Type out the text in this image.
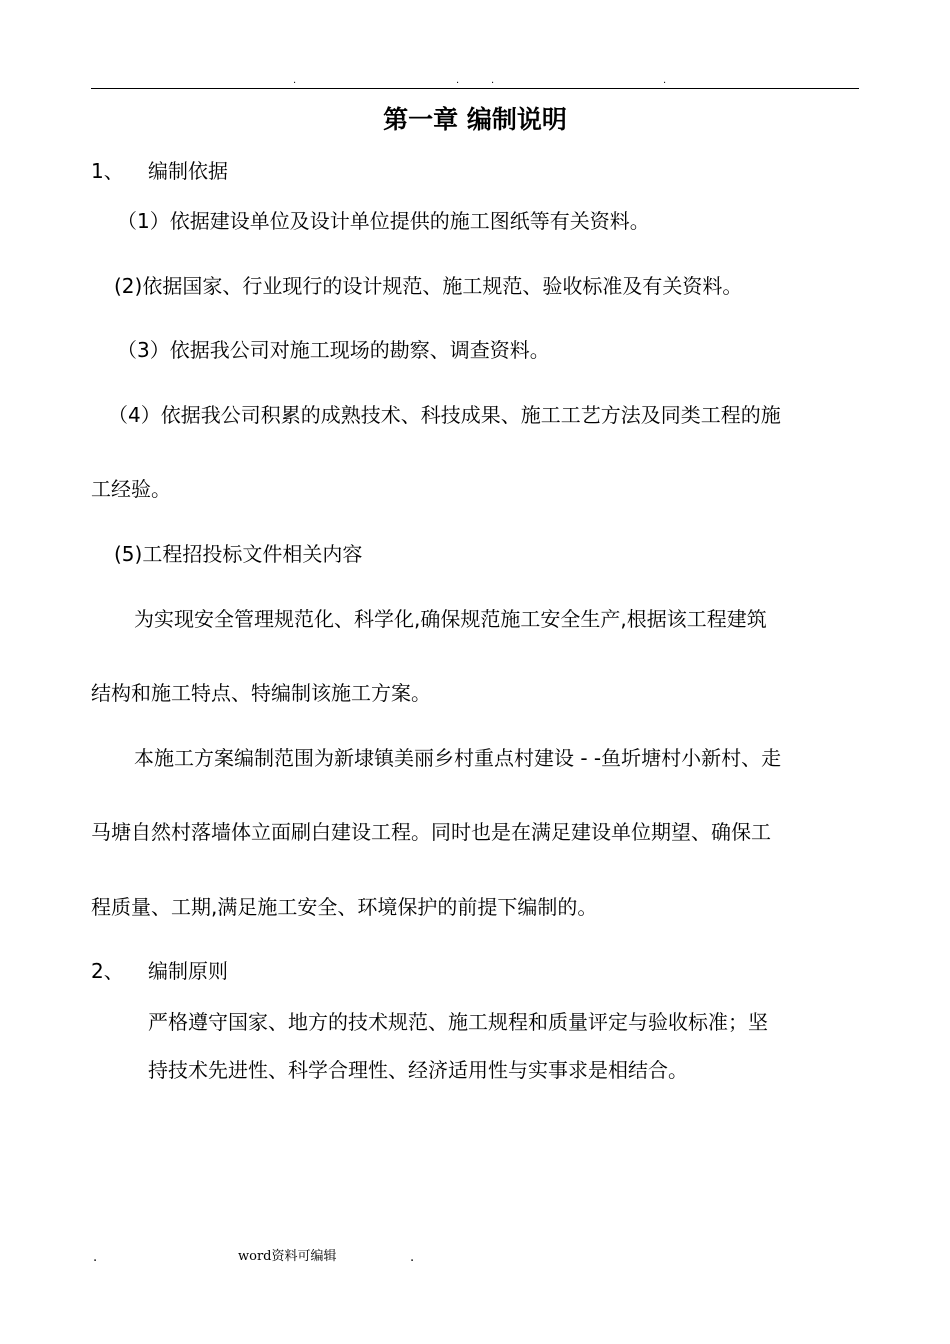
.	.	.	.
第一章 编制说明
1、 编制依据
（1）依据建设单位及设计单位提供的施工图纸等有关资料。
(2)依据国家、行业现行的设计规范、施工规范、验收标准及有关资料。
（3）依据我公司对施工现场的勘察、调查资料。
（4）依据我公司积累的成熟技术、科技成果、施工工艺方法及同类工程的施
工经验。
(5)工程招投标文件相关内容
为实现安全管理规范化、科学化,确保规范施工安全生产,根据该工程建筑
结构和施工特点、特编制该施工方案。
本施工方案编制范围为新埭镇美丽乡村重点村建设 - -鱼圻塘村小新村、走
马塘自然村落墙体立面刷白建设工程。同时也是在满足建设单位期望、确保工
程质量、工期,满足施工安全、环境保护的前提下编制的。
2、 编制原则
严格遵守国家、地方的技术规范、施工规程和质量评定与验收标准；坚
持技术先进性、科学合理性、经济适用性与实事求是相结合。
.	word资料可编辑	.
